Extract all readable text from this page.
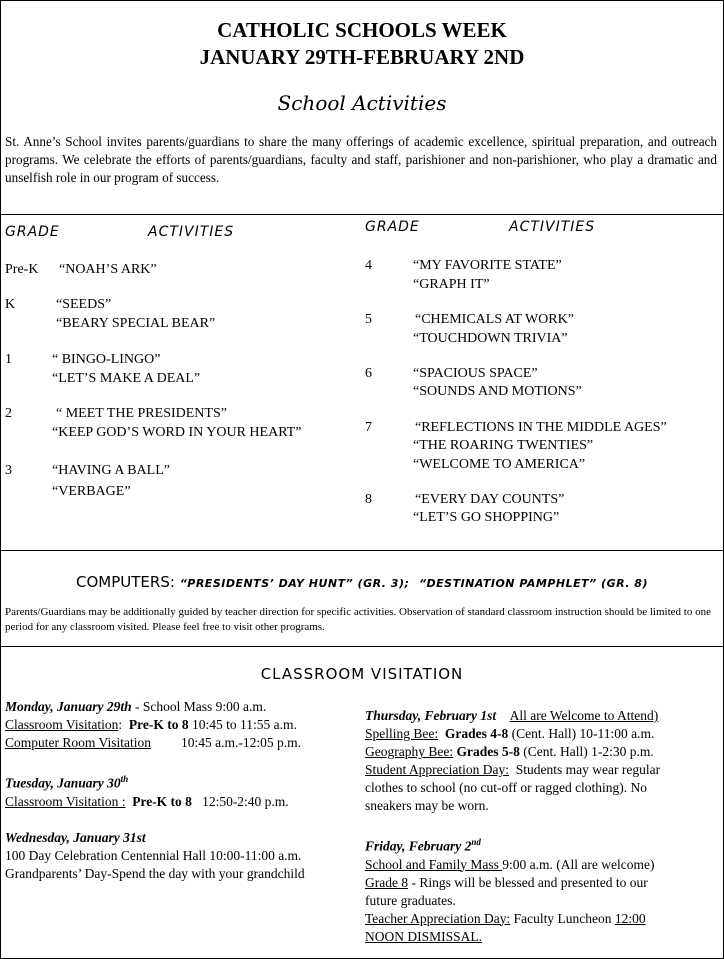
CATHOLIC SCHOOLS WEEK
JANUARY 29TH-FEBRUARY 2ND
School Activities
St. Anne’s School invites parents/guardians to share the many offerings of academic excellence, spiritual preparation, and outreach programs. We celebrate the efforts of parents/guardians, faculty and staff, parishioner and non-parishioner, who play a dramatic and unselfish role in our program of success.
GRADE	ACTIVITIES	GRADE	ACTIVITIES
Pre-K “NOAH’S ARK”
K	“SEEDS”
“BEARY SPECIAL BEAR”
1	“ BINGO-LINGO”
“LET’S MAKE A DEAL”
2	“ MEET THE PRESIDENTS”
“KEEP GOD’S WORD IN YOUR HEART”
3	“HAVING A BALL”
“VERBAGE”
4	“MY FAVORITE STATE”
“GRAPH IT”
5	“CHEMICALS AT WORK”
“TOUCHDOWN TRIVIA”
6	“SPACIOUS SPACE”
“SOUNDS AND MOTIONS”
7	“REFLECTIONS IN THE MIDDLE AGES”
“THE ROARING TWENTIES”
“WELCOME TO AMERICA”
8	“EVERY DAY COUNTS”
“LET’S GO SHOPPING”
COMPUTERS: “PRESIDENTS’ DAY HUNT” (GR. 3); “DESTINATION PAMPHLET” (GR. 8)
Parents/Guardians may be additionally guided by teacher direction for specific activities. Observation of standard classroom instruction should be limited to one period for any classroom visited. Please feel free to visit other programs.
CLASSROOM VISITATION
Monday, January 29th - School Mass 9:00 a.m.
Classroom Visitation:  Pre-K to 8 10:45 to 11:55 a.m.
Computer Room Visitation 10:45 a.m.-12:05 p.m.
Tuesday, January 30th
Classroom Visitation : Pre-K to 8 12:50-2:40 p.m.
Wednesday, January 31st
100 Day Celebration Centennial Hall 10:00-11:00 a.m.
Grandparents’ Day-Spend the day with your grandchild
Thursday, February 1st All are Welcome to Attend)
Spelling Bee: Grades 4-8 (Cent. Hall) 10-11:00 a.m.
Geography Bee: Grades 5-8 (Cent. Hall) 1-2:30 p.m.
Student Appreciation Day: Students may wear regular
clothes to school (no cut-off or ragged clothing). No
sneakers may be worn.
Friday, February 2nd
School and Family Mass 9:00 a.m. (All are welcome)
Grade 8 - Rings will be blessed and presented to our
future graduates.
Teacher Appreciation Day: Faculty Luncheon 12:00
NOON DISMISSAL.
